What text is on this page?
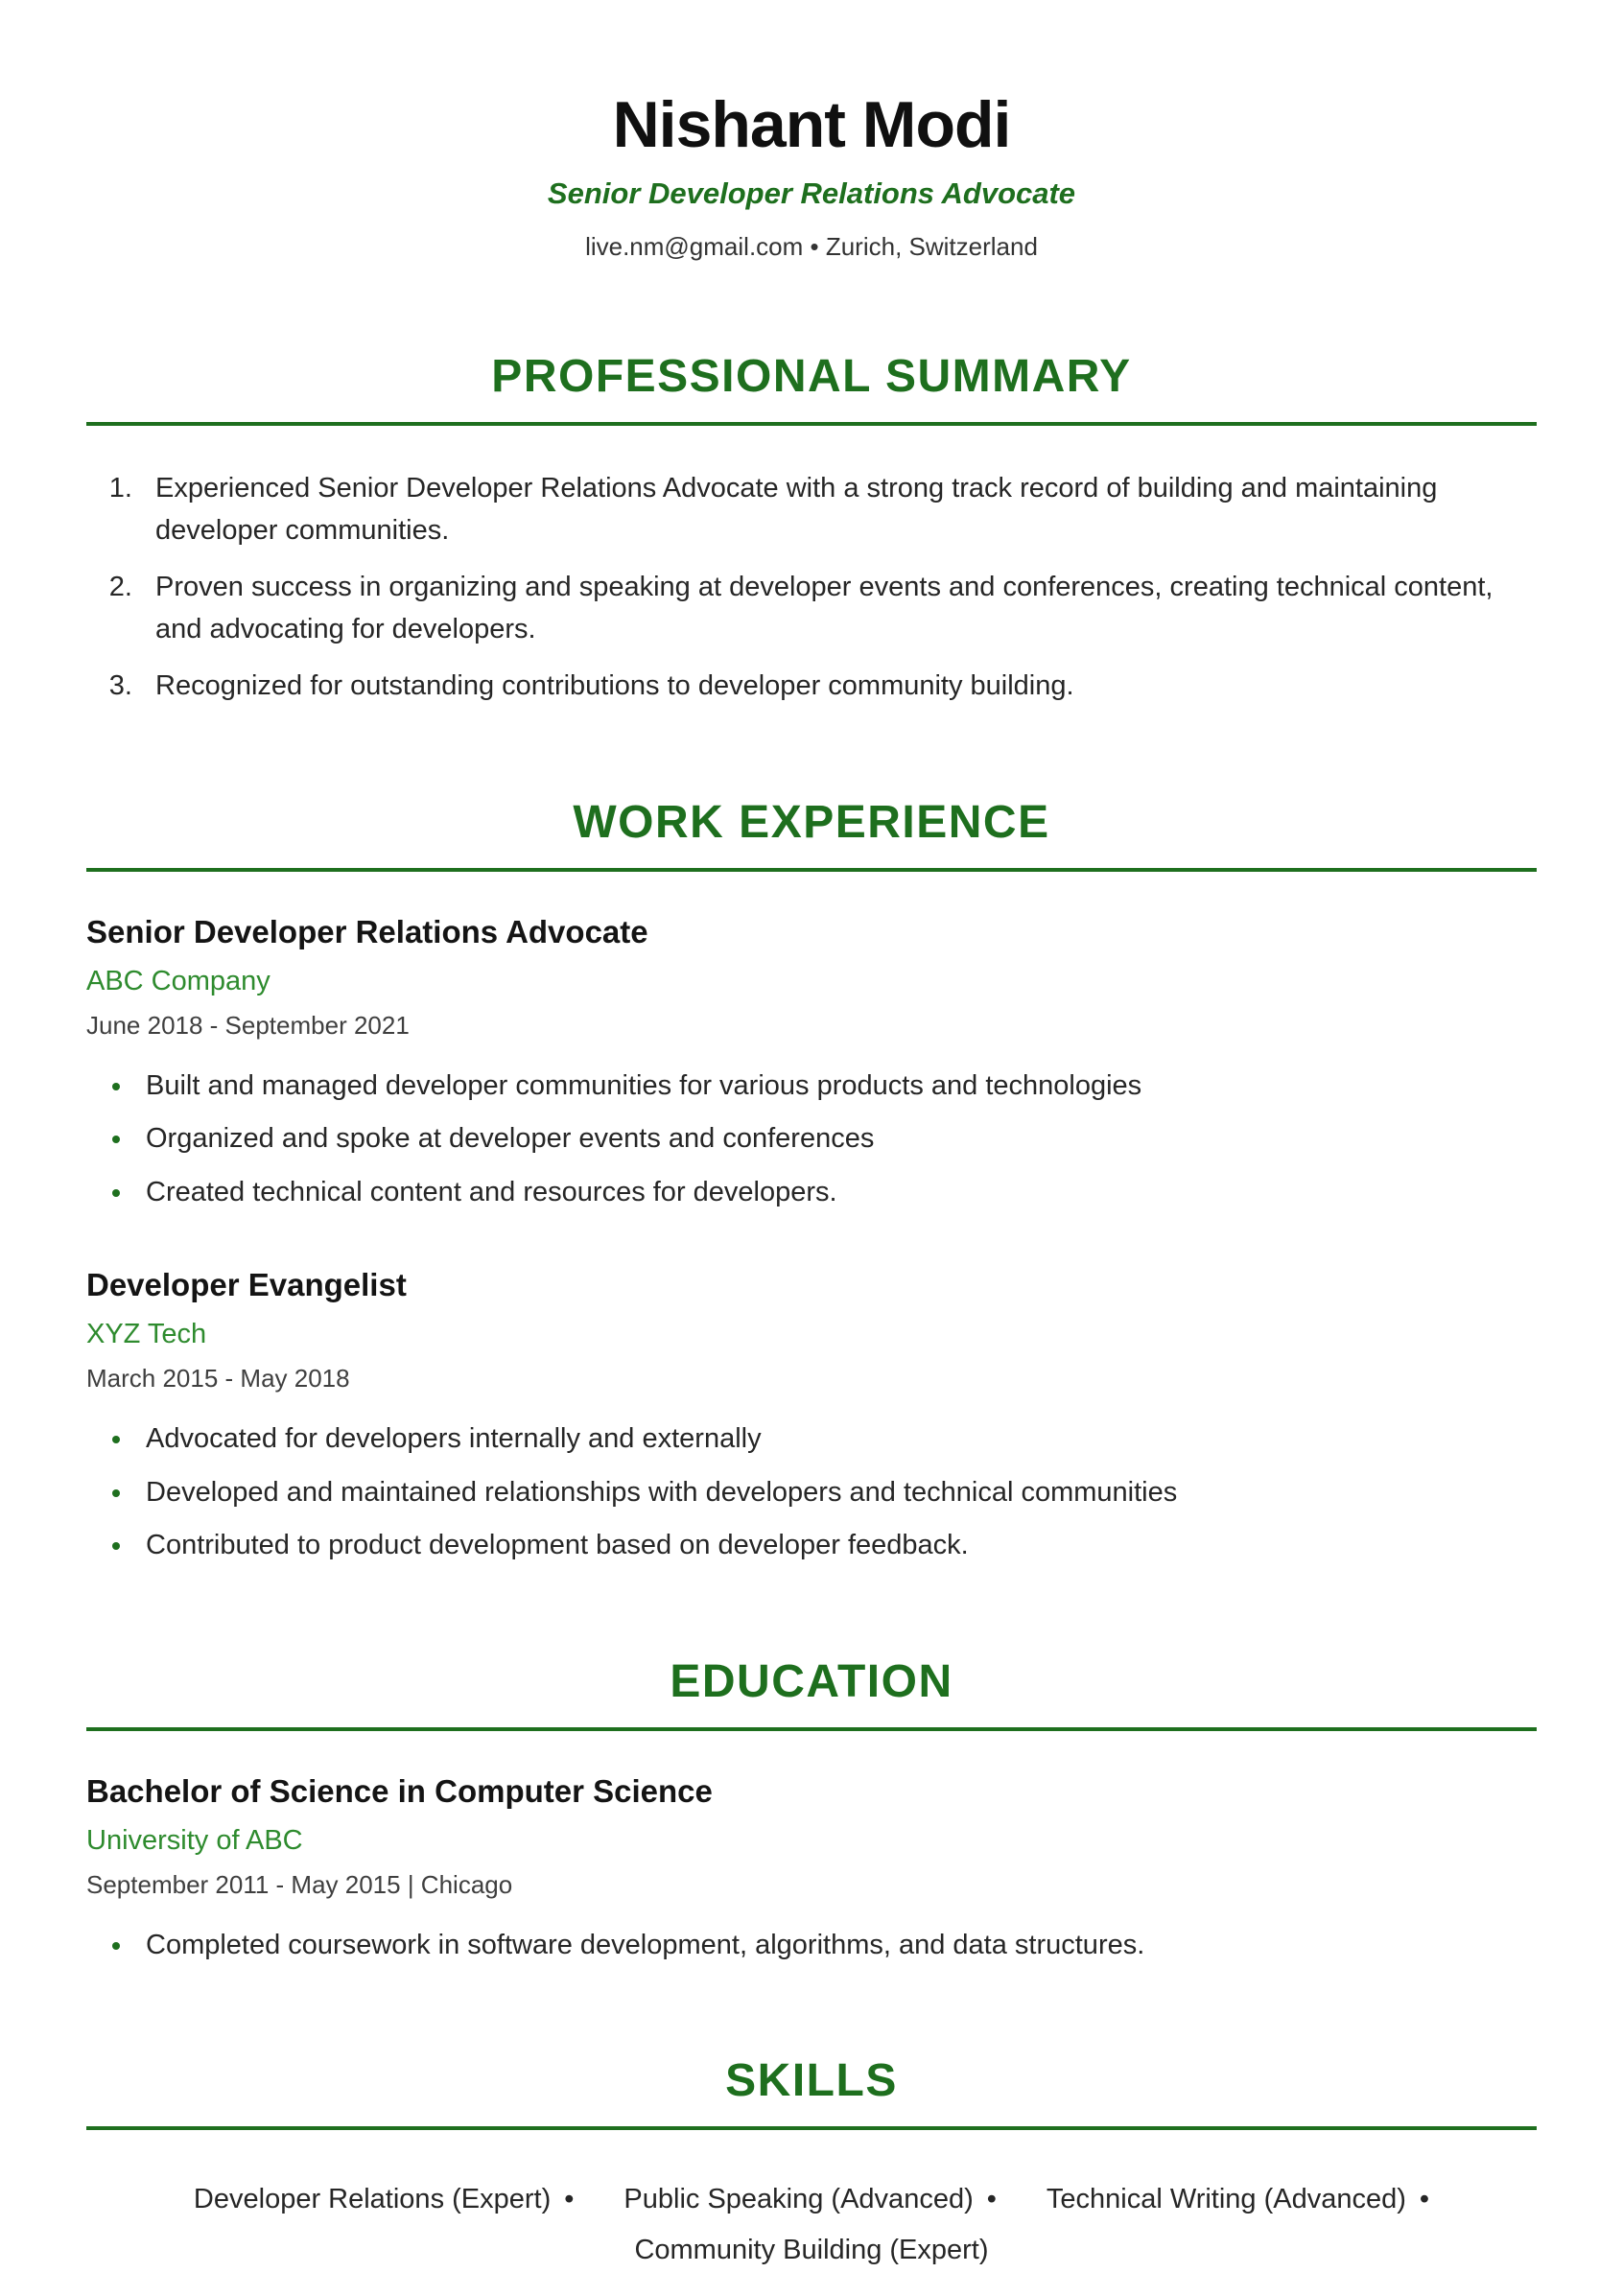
Nishant Modi
Senior Developer Relations Advocate
live.nm@gmail.com • Zurich, Switzerland
PROFESSIONAL SUMMARY
1. Experienced Senior Developer Relations Advocate with a strong track record of building and maintaining developer communities.
2. Proven success in organizing and speaking at developer events and conferences, creating technical content, and advocating for developers.
3. Recognized for outstanding contributions to developer community building.
WORK EXPERIENCE
Senior Developer Relations Advocate
ABC Company
June 2018 - September 2021
• Built and managed developer communities for various products and technologies
• Organized and spoke at developer events and conferences
• Created technical content and resources for developers.
Developer Evangelist
XYZ Tech
March 2015 - May 2018
• Advocated for developers internally and externally
• Developed and maintained relationships with developers and technical communities
• Contributed to product development based on developer feedback.
EDUCATION
Bachelor of Science in Computer Science
University of ABC
September 2011 - May 2015 | Chicago
• Completed coursework in software development, algorithms, and data structures.
SKILLS
Developer Relations (Expert) •	Public Speaking (Advanced) •	Technical Writing (Advanced) •
Community Building (Expert)
